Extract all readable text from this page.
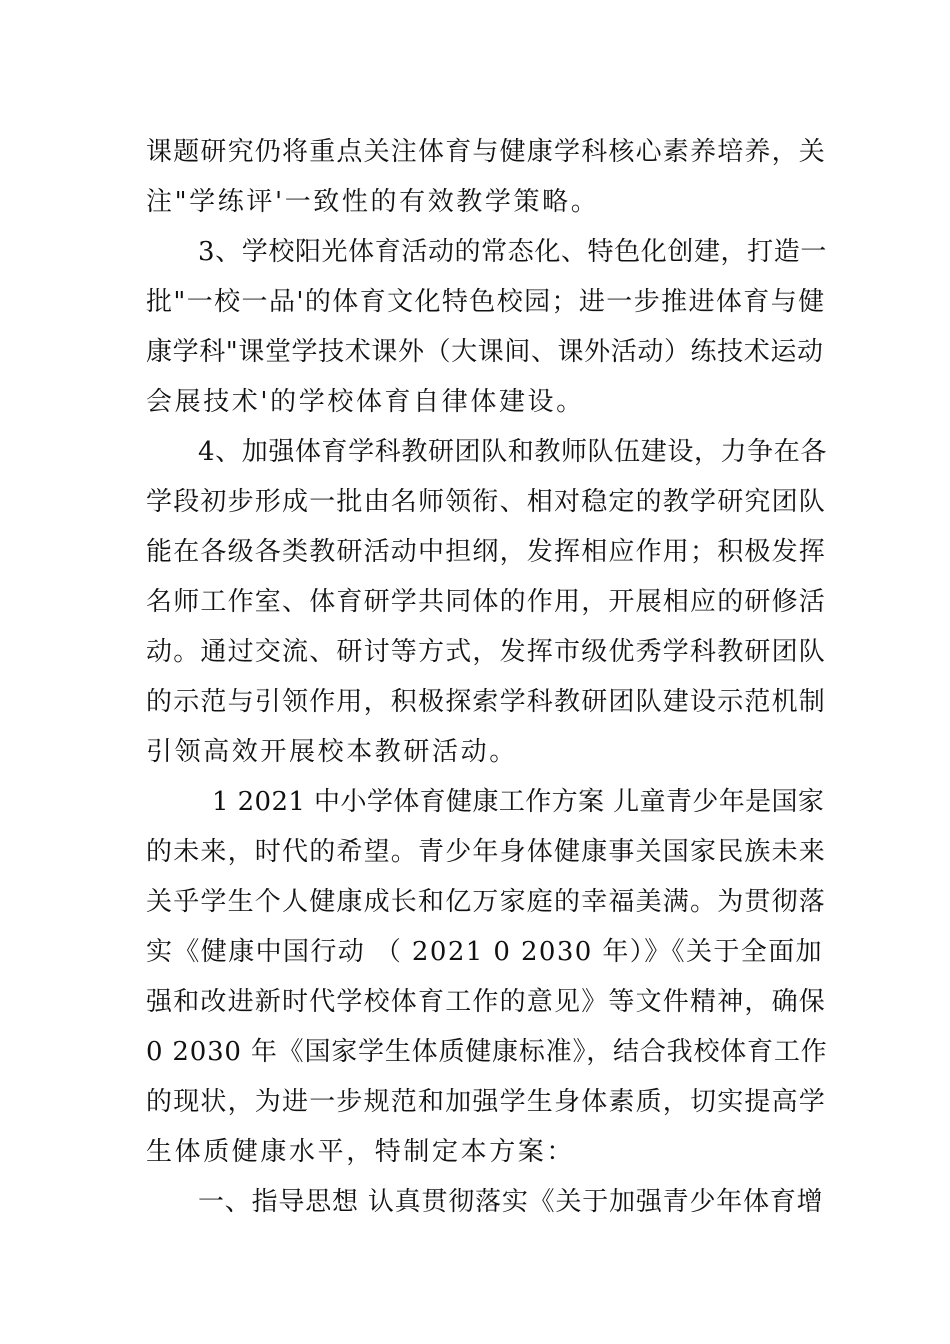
课题研究仍将重点关注体育与健康学科核心素养培养，关
注"学练评'一致性的有效教学策略。
3、学校阳光体育活动的常态化、特色化创建，打造一
批"一校一品'的体育文化特色校园；进一步推进体育与健
康学科"课堂学技术课外（大课间、课外活动）练技术运动
会展技术'的学校体育自律体建设。
4、加强体育学科教研团队和教师队伍建设，力争在各
学段初步形成一批由名师领衔、相对稳定的教学研究团队
能在各级各类教研活动中担纲，发挥相应作用；积极发挥
名师工作室、体育研学共同体的作用，开展相应的研修活
动。通过交流、研讨等方式，发挥市级优秀学科教研团队
的示范与引领作用，积极探索学科教研团队建设示范机制
引领高效开展校本教研活动。
1 2021 中小学体育健康工作方案 儿童青少年是国家
的未来，时代的希望。青少年身体健康事关国家民族未来
关乎学生个人健康成长和亿万家庭的幸福美满。为贯彻落
实《健康中国行动 （ 2021 0 2030 年）》《关于全面加
强和改进新时代学校体育工作的意见》等文件精神，确保
0 2030 年《国家学生体质健康标准》，结合我校体育工作
的现状，为进一步规范和加强学生身体素质，切实提高学
生体质健康水平，特制定本方案：
一、指导思想 认真贯彻落实《关于加强青少年体育增
